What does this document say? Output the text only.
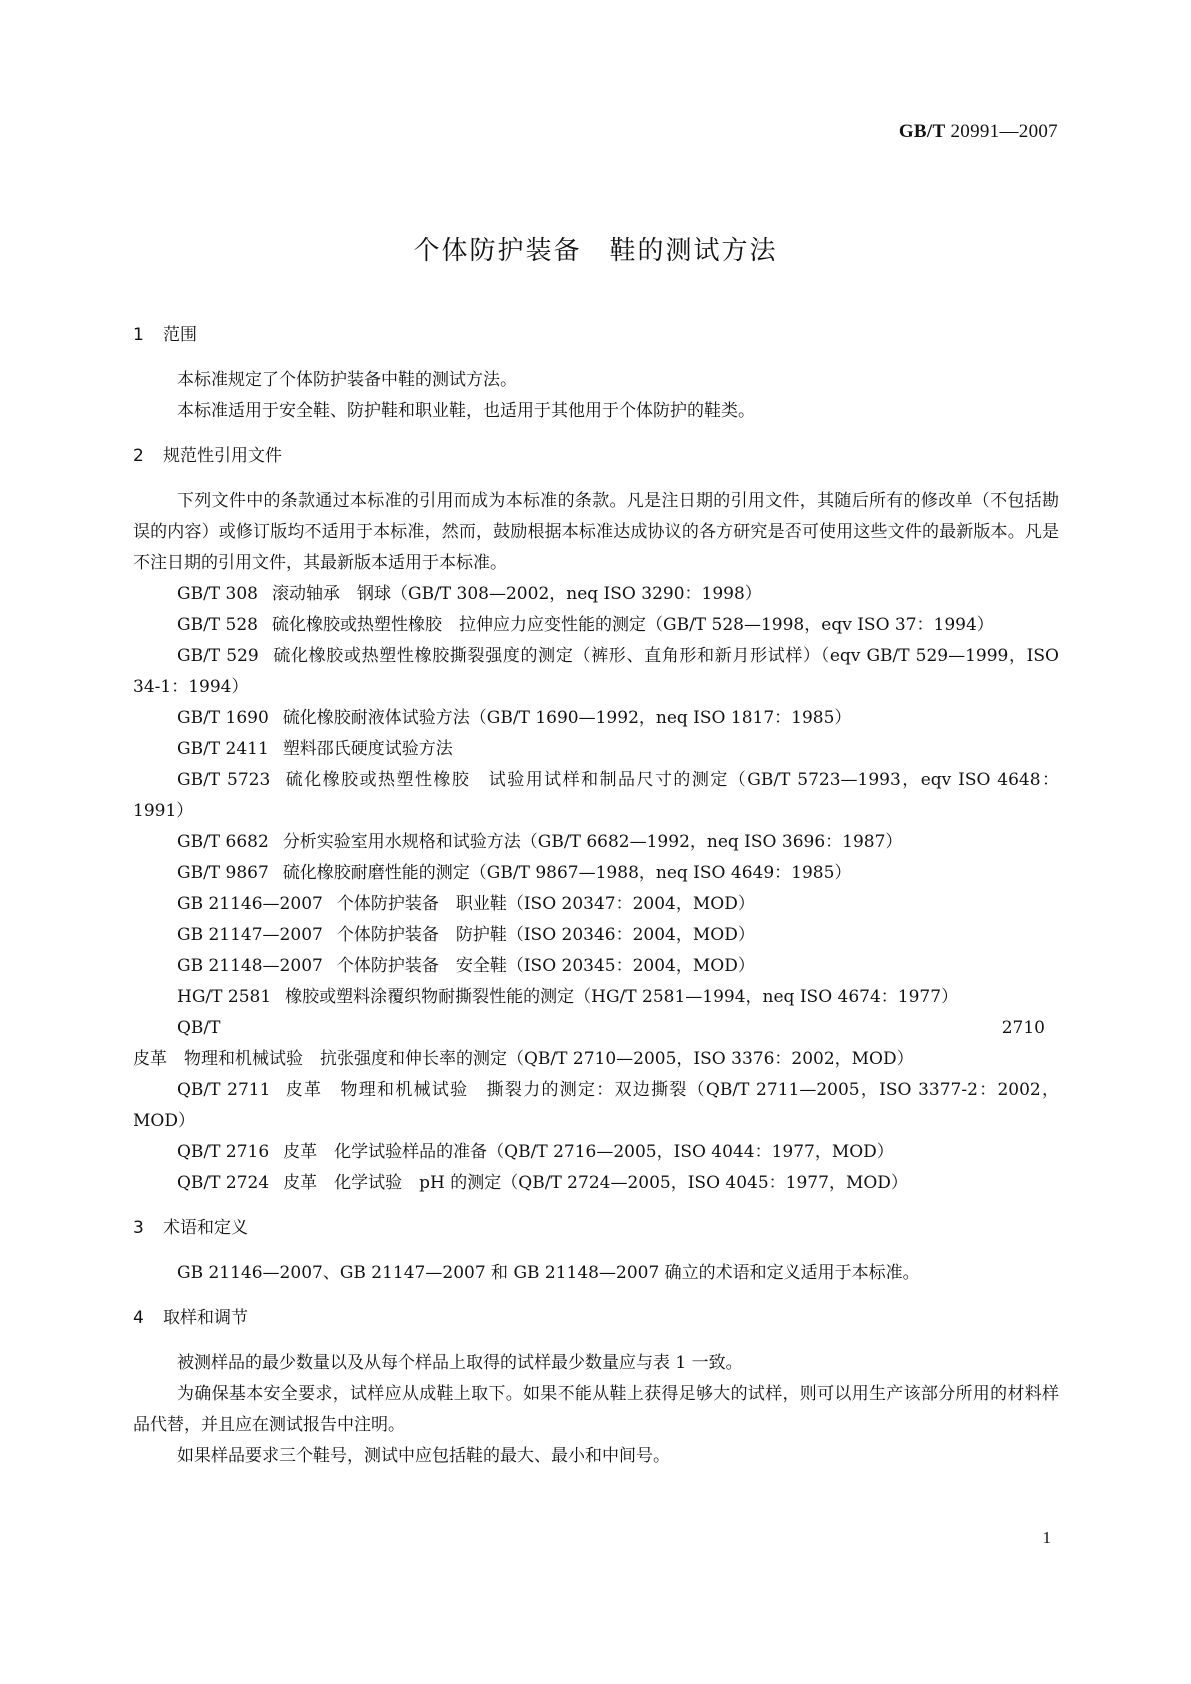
GB/T 20991—2007
个体防护装备　鞋的测试方法
1 范围

本标准规定了个体防护装备中鞋的测试方法。

本标准适用于安全鞋、防护鞋和职业鞋，也适用于其他用于个体防护的鞋类。

2 规范性引用文件

下列文件中的条款通过本标准的引用而成为本标准的条款。凡是注日期的引用文件，其随后所有的修改单（不包括勘误的内容）或修订版均不适用于本标准，然而，鼓励根据本标准达成协议的各方研究是否可使用这些文件的最新版本。凡是不注日期的引用文件，其最新版本适用于本标准。

GB/T 308 滚动轴承　钢球（GB/T 308—2002，neq ISO 3290：1998）

GB/T 528 硫化橡胶或热塑性橡胶　拉伸应力应变性能的测定（GB/T 528—1998，eqv ISO 37：1994）

GB/T 529 硫化橡胶或热塑性橡胶撕裂强度的测定（裤形、直角形和新月形试样）（eqv GB/T 529—1999，ISO 34-1：1994）

GB/T 1690 硫化橡胶耐液体试验方法（GB/T 1690—1992，neq ISO 1817：1985）

GB/T 2411 塑料邵氏硬度试验方法

GB/T 5723 硫化橡胶或热塑性橡胶　试验用试样和制品尺寸的测定（GB/T 5723—1993，eqv ISO 4648：1991）

GB/T 6682 分析实验室用水规格和试验方法（GB/T 6682—1992，neq ISO 3696：1987）

GB/T 9867 硫化橡胶耐磨性能的测定（GB/T 9867—1988，neq ISO 4649：1985）

GB 21146—2007 个体防护装备　职业鞋（ISO 20347：2004，MOD）

GB 21147—2007 个体防护装备　防护鞋（ISO 20346：2004，MOD）

GB 21148—2007 个体防护装备　安全鞋（ISO 20345：2004，MOD）

HG/T 2581 橡胶或塑料涂覆织物耐撕裂性能的测定（HG/T 2581—1994，neq ISO 4674：1977）

QB/T 2710皮革　物理和机械试验　抗张强度和伸长率的测定（QB/T 2710—2005，ISO 3376：2002，MOD）

QB/T 2711 皮革　物理和机械试验　撕裂力的测定：双边撕裂（QB/T 2711—2005，ISO 3377-2：2002，MOD）

QB/T 2716 皮革　化学试验样品的准备（QB/T 2716—2005，ISO 4044：1977，MOD）

QB/T 2724 皮革　化学试验　pH 的测定（QB/T 2724—2005，ISO 4045：1977，MOD）

3 术语和定义

GB 21146—2007、GB 21147—2007 和 GB 21148—2007 确立的术语和定义适用于本标准。

4 取样和调节

被测样品的最少数量以及从每个样品上取得的试样最少数量应与表 1 一致。

为确保基本安全要求，试样应从成鞋上取下。如果不能从鞋上获得足够大的试样，则可以用生产该部分所用的材料样品代替，并且应在测试报告中注明。

如果样品要求三个鞋号，测试中应包括鞋的最大、最小和中间号。

1
